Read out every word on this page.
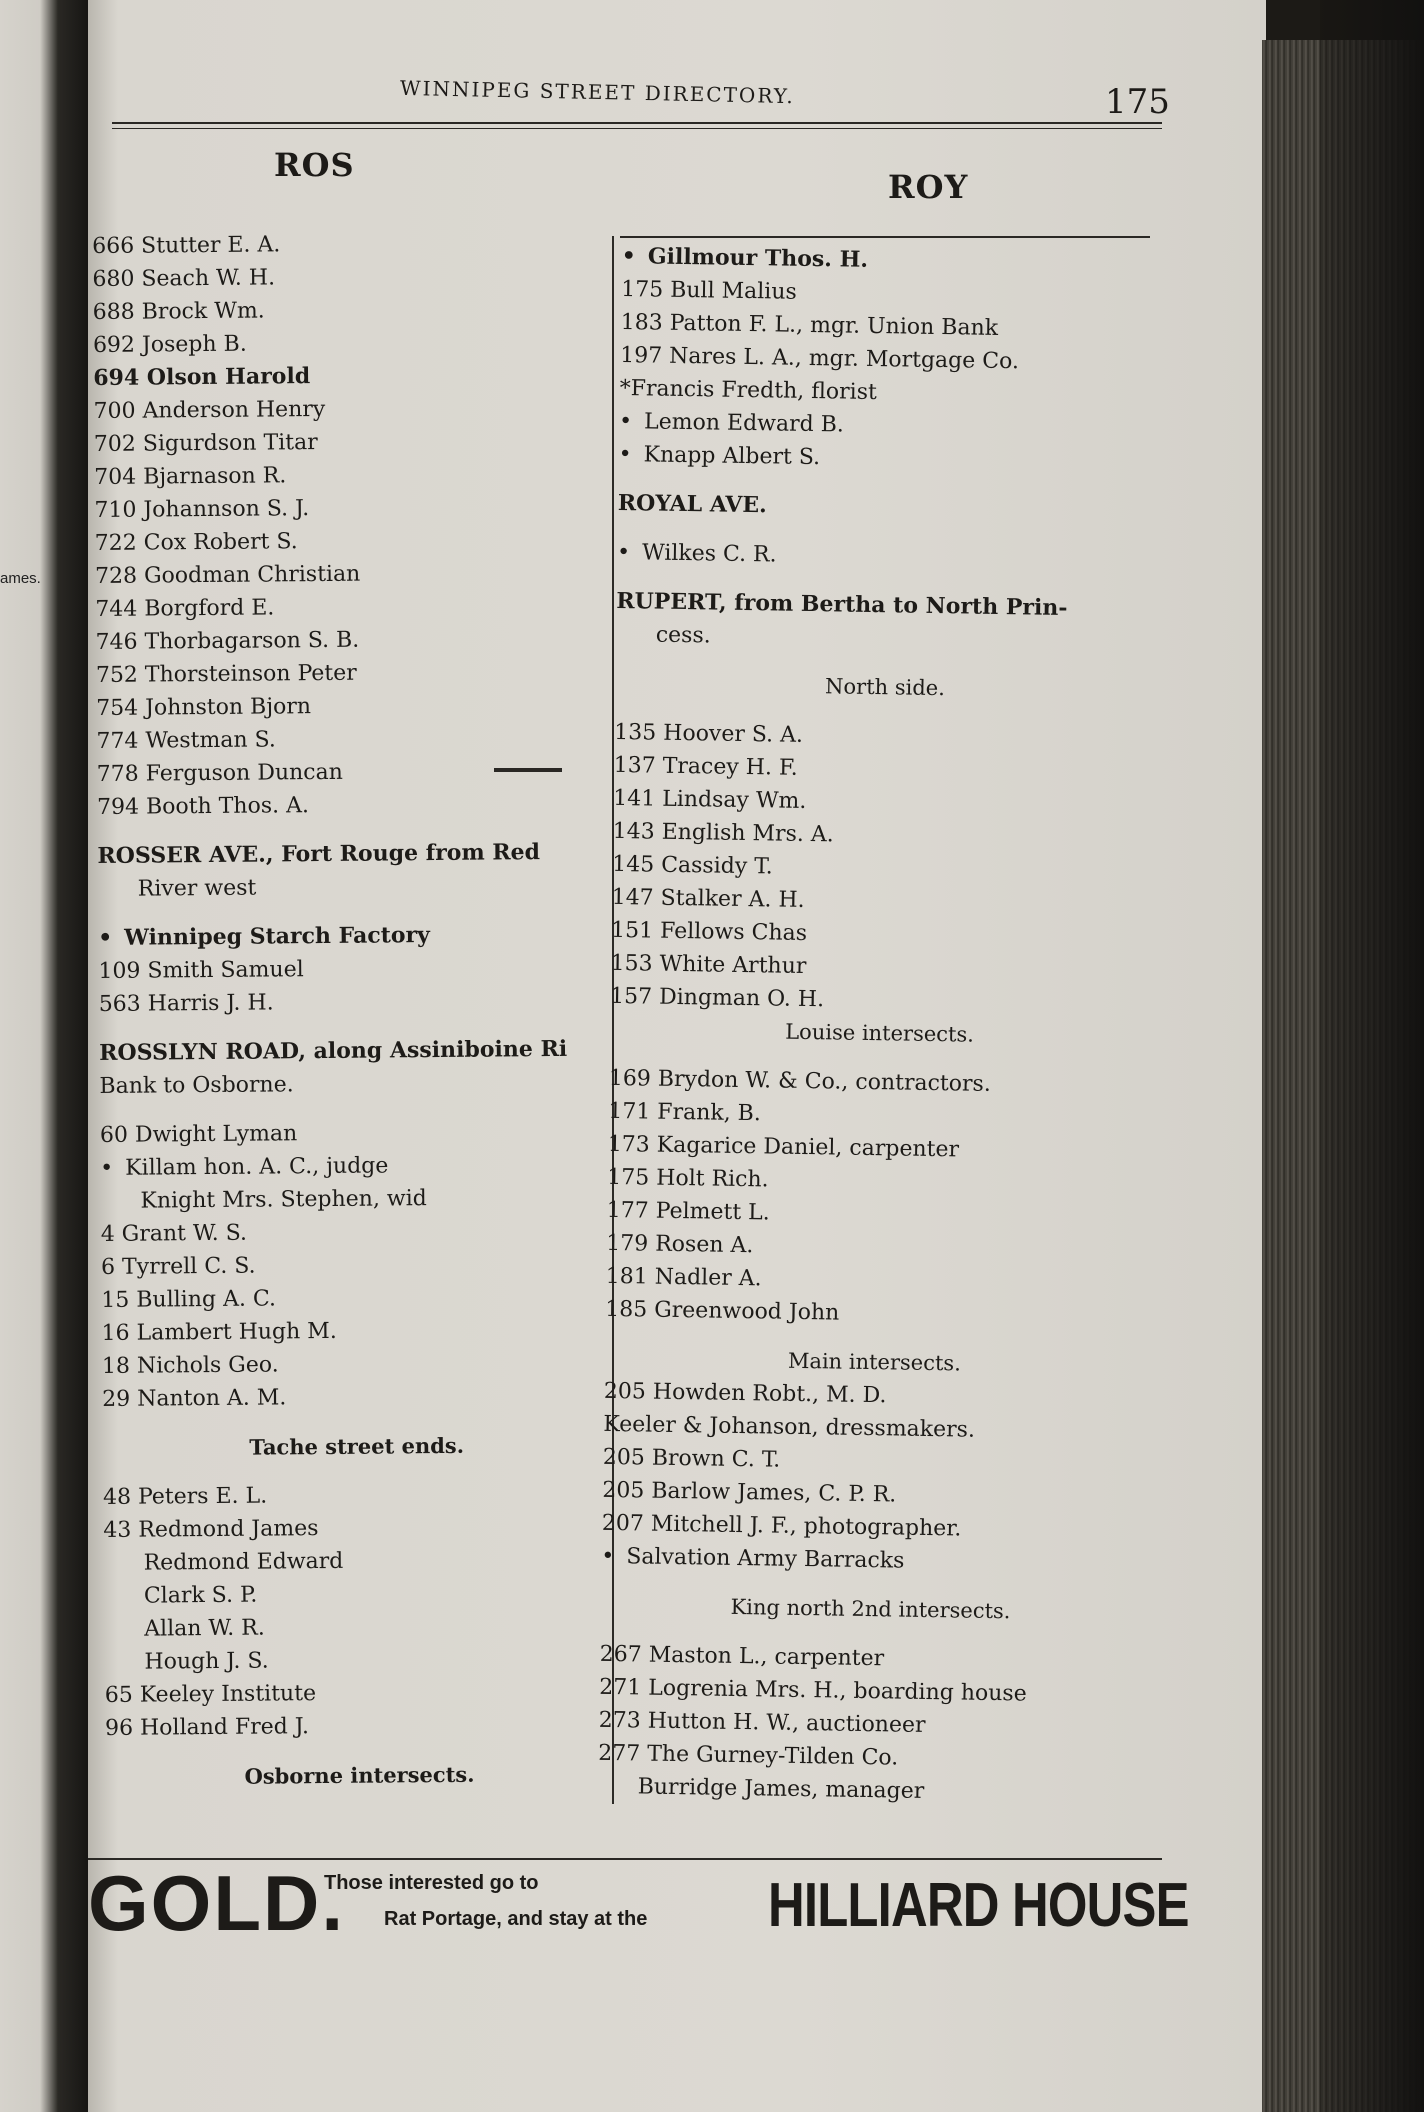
ames.
WINNIPEG STREET DIRECTORY.	175
ROS
ROY
666 Stutter E. A.
680 Seach W. H.
688 Brock Wm.
692 Joseph B.
694 Olson Harold
700 Anderson Henry
702 Sigurdson Titar
704 Bjarnason R.
710 Johannson S. J.
722 Cox Robert S.
728 Goodman Christian
744 Borgford E.
746 Thorbagarson S. B.
752 Thorsteinson Peter
754 Johnston Bjorn
774 Westman S.
778 Ferguson Duncan
794 Booth Thos. A.
ROSSER AVE., Fort Rouge from Red
River west
• Winnipeg Starch Factory
109 Smith Samuel
563 Harris J. H.
ROSSLYN ROAD, along Assiniboine Ri
Bank to Osborne.
60 Dwight Lyman
• Killam hon. A. C., judge
Knight Mrs. Stephen, wid
4 Grant W. S.
6 Tyrrell C. S.
15 Bulling A. C.
16 Lambert Hugh M.
18 Nichols Geo.
29 Nanton A. M.
Tache street ends.
48 Peters E. L.
43 Redmond James
Redmond Edward
Clark S. P.
Allan W. R.
Hough J. S.
65 Keeley Institute
96 Holland Fred J.
Osborne intersects.
• Gillmour Thos. H.
175 Bull Malius
183 Patton F. L., mgr. Union Bank
197 Nares L. A., mgr. Mortgage Co.
*Francis Fredth, florist
• Lemon Edward B.
• Knapp Albert S.
ROYAL AVE.
• Wilkes C. R.
RUPERT, from Bertha to North Prin-
cess.
North side.
135 Hoover S. A.
137 Tracey H. F.
141 Lindsay Wm.
143 English Mrs. A.
145 Cassidy T.
147 Stalker A. H.
151 Fellows Chas
153 White Arthur
157 Dingman O. H.
Louise intersects.
169 Brydon W. & Co., contractors.
171 Frank, B.
173 Kagarice Daniel, carpenter
175 Holt Rich.
177 Pelmett L.
179 Rosen A.
181 Nadler A.
185 Greenwood John
Main intersects.
205 Howden Robt., M. D.
Keeler & Johanson, dressmakers.
205 Brown C. T.
205 Barlow James, C. P. R.
207 Mitchell J. F., photographer.
• Salvation Army Barracks
King north 2nd intersects.
267 Maston L., carpenter
271 Logrenia Mrs. H., boarding house
273 Hutton H. W., auctioneer
277 The Gurney-Tilden Co.
Burridge James, manager
GOLD.
Those interested go to
Rat Portage, and stay at the HILLIARD HOUSE
